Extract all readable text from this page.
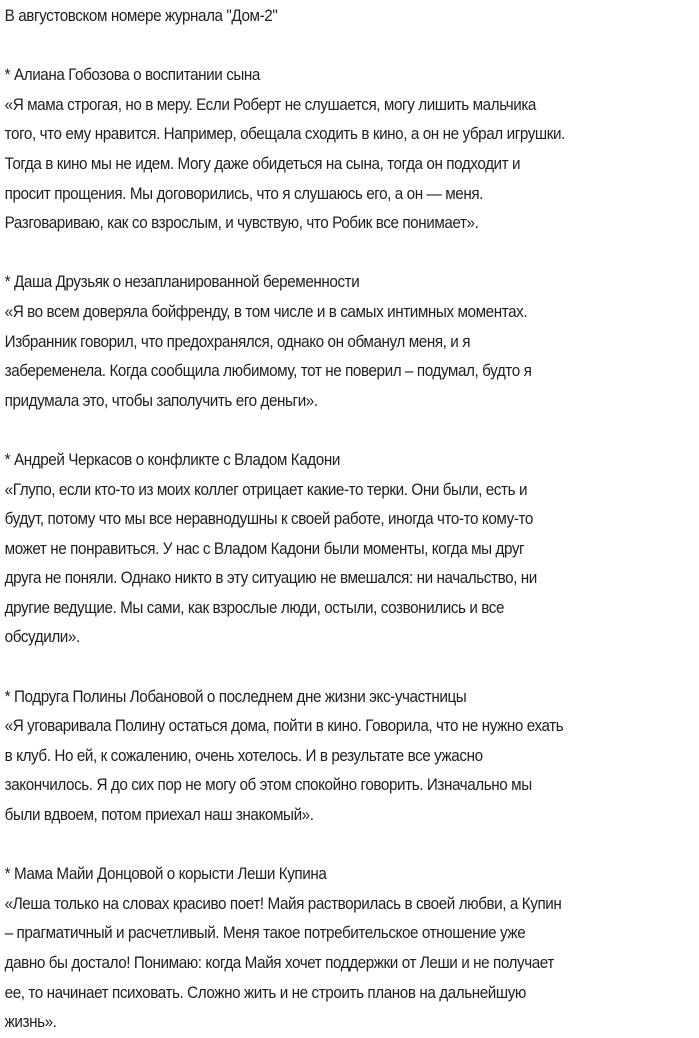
В августовском номере журнала "Дом-2"
* Алиана Гобозова о воспитании сына
«Я мама строгая, но в меру. Если Роберт не слушается, могу лишить мальчика
того, что ему нравится. Например, обещала сходить в кино, а он не убрал игрушки.
Тогда в кино мы не идем. Могу даже обидеться на сына, тогда он подходит и
просит прощения. Мы договорились, что я слушаюсь его, а он — меня.
Разговариваю, как со взрослым, и чувствую, что Робик все понимает».
* Даша Друзьяк о незапланированной беременности
«Я во всем доверяла бойфренду, в том числе и в самых интимных моментах.
Избранник говорил, что предохранялся, однако он обманул меня, и я
забеременела. Когда сообщила любимому, тот не поверил – подумал, будто я
придумала это, чтобы заполучить его деньги».
* Андрей Черкасов о конфликте с Владом Кадони
«Глупо, если кто-то из моих коллег отрицает какие-то терки. Они были, есть и
будут, потому что мы все неравнодушны к своей работе, иногда что-то кому-то
может не понравиться. У нас с Владом Кадони были моменты, когда мы друг
друга не поняли. Однако никто в эту ситуацию не вмешался: ни начальство, ни
другие ведущие. Мы сами, как взрослые люди, остыли, созвонились и все
обсудили».
* Подруга Полины Лобановой о последнем дне жизни экс-участницы
«Я уговаривала Полину остаться дома, пойти в кино. Говорила, что не нужно ехать
в клуб. Но ей, к сожалению, очень хотелось. И в результате все ужасно
закончилось. Я до сих пор не могу об этом спокойно говорить. Изначально мы
были вдвоем, потом приехал наш знакомый».
* Мама Майи Донцовой о корысти Леши Купина
«Леша только на словах красиво поет! Майя растворилась в своей любви, а Купин
– прагматичный и расчетливый. Меня такое потребительское отношение уже
давно бы достало! Понимаю: когда Майя хочет поддержки от Леши и не получает
ее, то начинает психовать. Сложно жить и не строить планов на дальнейшую
жизнь».
